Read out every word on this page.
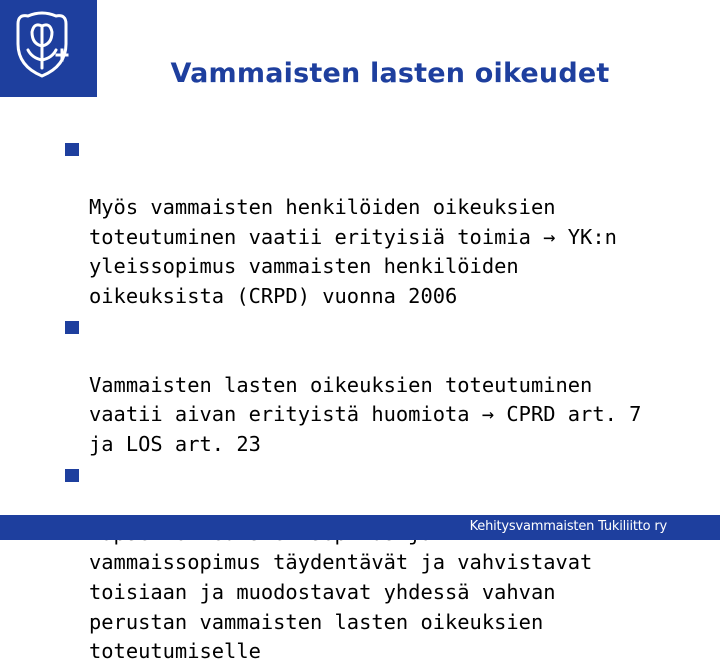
Vammaisten lasten oikeudet

Myös vammaisten henkilöiden oikeuksien
toteutuminen vaatii erityisiä toimia → YK:n
yleissopimus vammaisten henkilöiden
oikeuksista (CRPD) vuonna 2006

Vammaisten lasten oikeuksien toteutuminen
vaatii aivan erityistä huomiota → CPRD art. 7
ja LOS art. 23

vammaissopimus täydentävät ja vahvistavat
toisiaan ja muodostavat yhdessä vahvan
perustan vammaisten lasten oikeuksien
toteutumiselle

Kehitysvammaisten Tukiliitto ry
